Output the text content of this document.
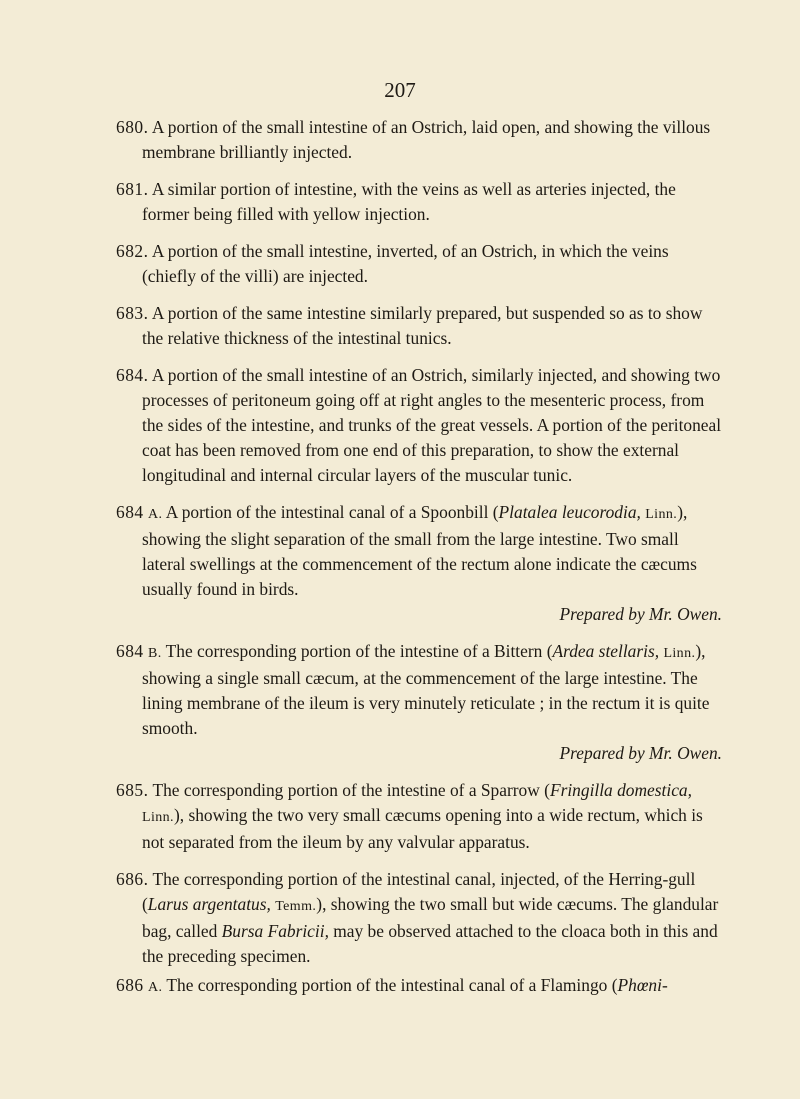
207

680. A portion of the small intestine of an Ostrich, laid open, and showing the villous membrane brilliantly injected.

681. A similar portion of intestine, with the veins as well as arteries injected, the former being filled with yellow injection.

682. A portion of the small intestine, inverted, of an Ostrich, in which the veins (chiefly of the villi) are injected.

683. A portion of the same intestine similarly prepared, but suspended so as to show the relative thickness of the intestinal tunics.

684. A portion of the small intestine of an Ostrich, similarly injected, and showing two processes of peritoneum going off at right angles to the mesenteric process, from the sides of the intestine, and trunks of the great vessels. A portion of the peritoneal coat has been removed from one end of this preparation, to show the external longitudinal and internal circular layers of the muscular tunic.

684 A. A portion of the intestinal canal of a Spoonbill (Platalea leucorodia, Linn.), showing the slight separation of the small from the large intestine. Two small lateral swellings at the commencement of the rectum alone indicate the cæcums usually found in birds.
Prepared by Mr. Owen.

684 B. The corresponding portion of the intestine of a Bittern (Ardea stellaris, Linn.), showing a single small cæcum, at the commencement of the large intestine. The lining membrane of the ileum is very minutely reticulate ; in the rectum it is quite smooth.
Prepared by Mr. Owen.

685. The corresponding portion of the intestine of a Sparrow (Fringilla domestica, Linn.), showing the two very small cæcums opening into a wide rectum, which is not separated from the ileum by any valvular apparatus.

686. The corresponding portion of the intestinal canal, injected, of the Herring-gull (Larus argentatus, Temm.), showing the two small but wide cæcums. The glandular bag, called Bursa Fabricii, may be observed attached to the cloaca both in this and the preceding specimen.

686 A. The corresponding portion of the intestinal canal of a Flamingo (Phœni-
